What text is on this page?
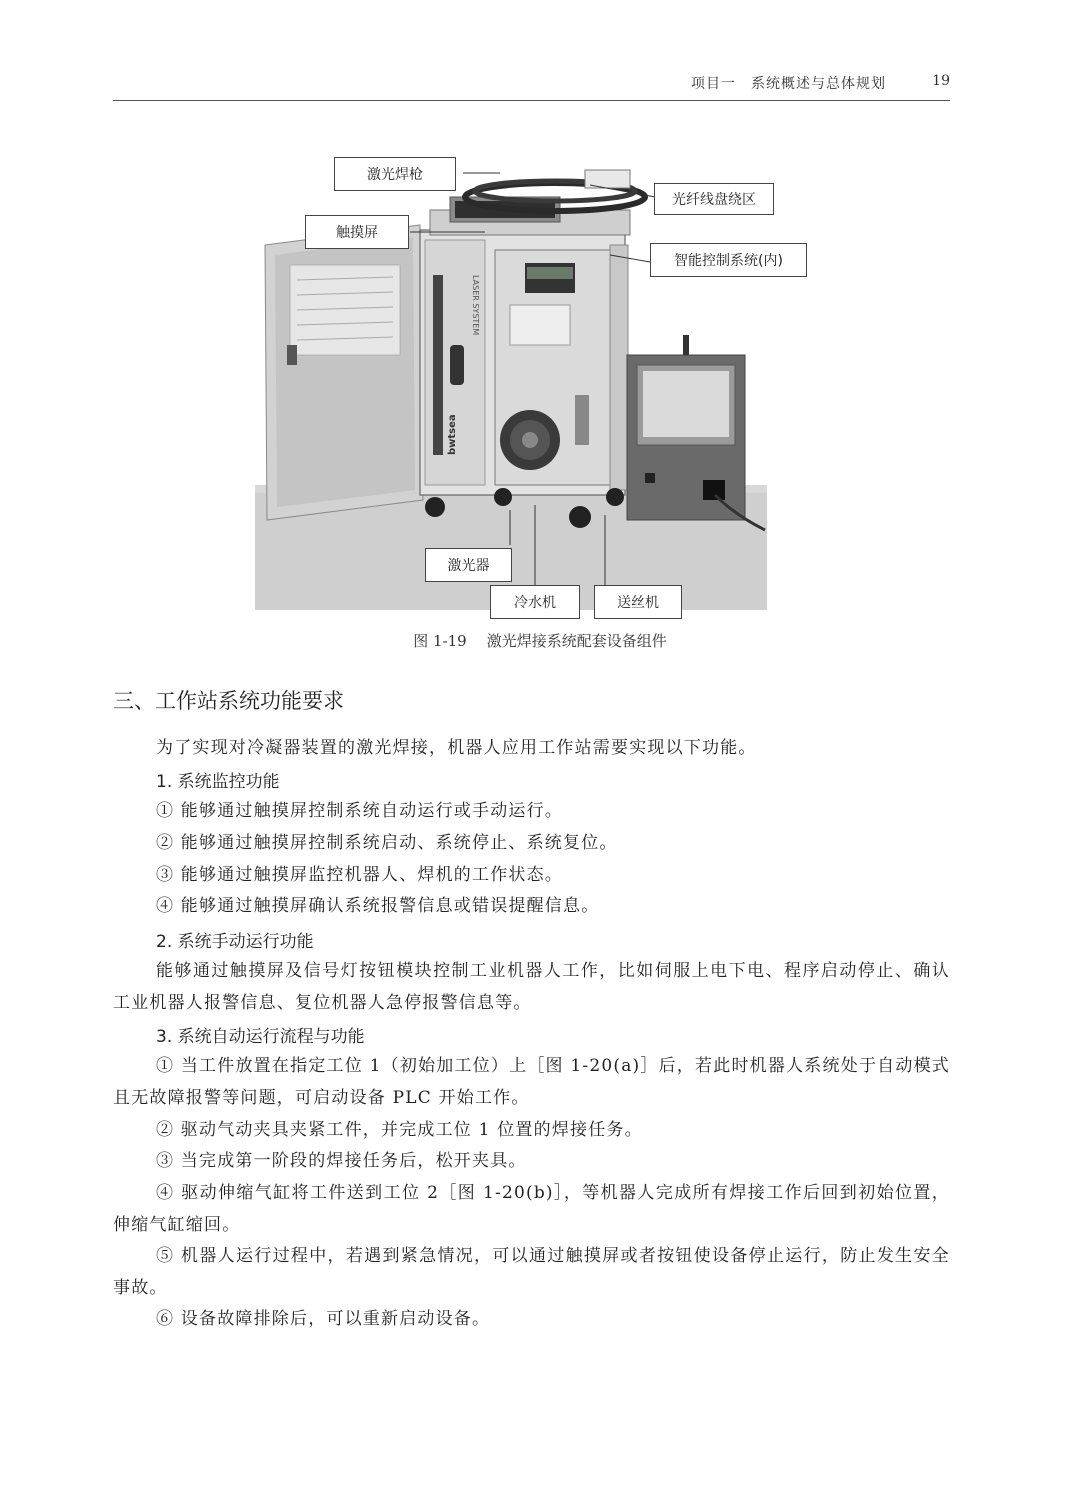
项目一　系统概述与总体规划	19
LASER SYSTEM
bwtsea
激光焊枪
光纤线盘绕区
触摸屏
智能控制系统(内)
激光器
冷水机	送丝机
图 1-19 激光焊接系统配套设备组件
三、工作站系统功能要求
为了实现对冷凝器装置的激光焊接，机器人应用工作站需要实现以下功能。
1. 系统监控功能
① 能够通过触摸屏控制系统自动运行或手动运行。
② 能够通过触摸屏控制系统启动、系统停止、系统复位。
③ 能够通过触摸屏监控机器人、焊机的工作状态。
④ 能够通过触摸屏确认系统报警信息或错误提醒信息。
2. 系统手动运行功能
能够通过触摸屏及信号灯按钮模块控制工业机器人工作，比如伺服上电下电、程序启动停止、确认工业机器人报警信息、复位机器人急停报警信息等。
3. 系统自动运行流程与功能
① 当工件放置在指定工位 1（初始加工位）上［图 1-20(a)］后，若此时机器人系统处于自动模式且无故障报警等问题，可启动设备 PLC 开始工作。
② 驱动气动夹具夹紧工件，并完成工位 1 位置的焊接任务。
③ 当完成第一阶段的焊接任务后，松开夹具。
④ 驱动伸缩气缸将工件送到工位 2［图 1-20(b)］，等机器人完成所有焊接工作后回到初始位置，伸缩气缸缩回。
⑤ 机器人运行过程中，若遇到紧急情况，可以通过触摸屏或者按钮使设备停止运行，防止发生安全事故。
⑥ 设备故障排除后，可以重新启动设备。
